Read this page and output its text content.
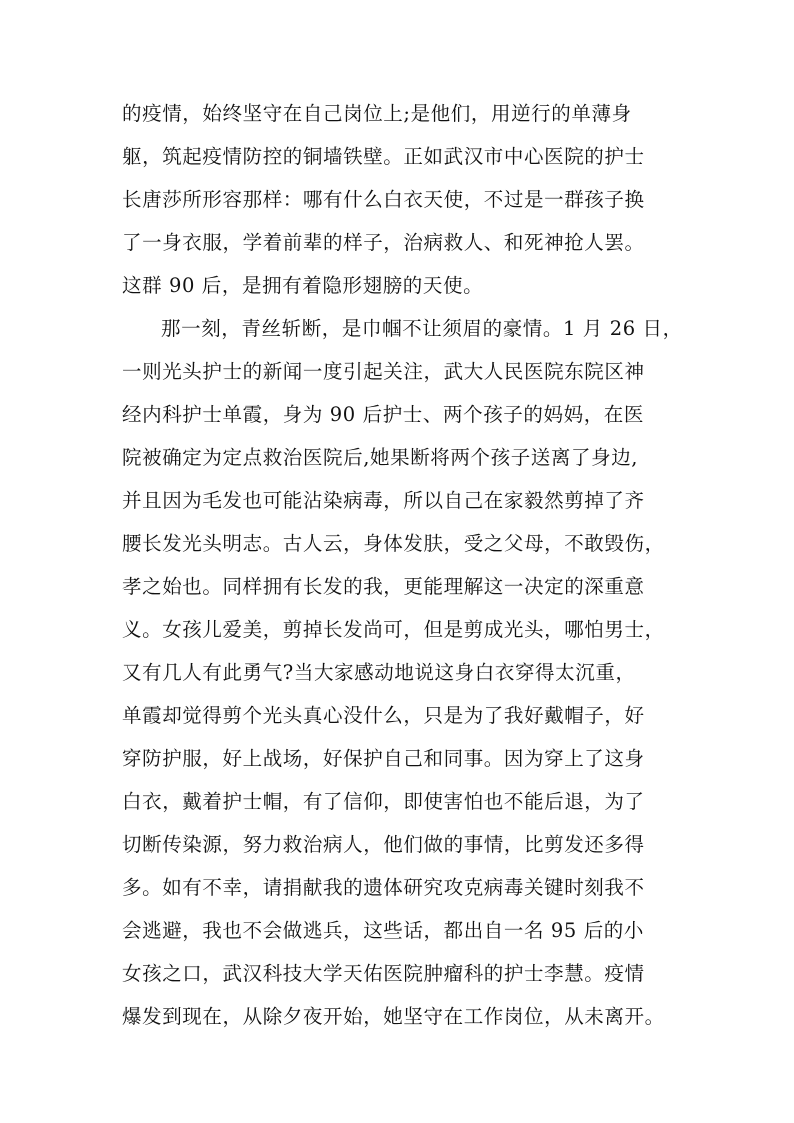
的疫情，始终坚守在自己岗位上;是他们，用逆行的单薄身
躯，筑起疫情防控的铜墙铁壁。正如武汉市中心医院的护士
长唐莎所形容那样：哪有什么白衣天使，不过是一群孩子换
了一身衣服，学着前辈的样子，治病救人、和死神抢人罢。
这群 90 后，是拥有着隐形翅膀的天使。
那一刻，青丝斩断，是巾帼不让须眉的豪情。1 月 26 日，
一则光头护士的新闻一度引起关注，武大人民医院东院区神
经内科护士单霞，身为 90 后护士、两个孩子的妈妈，在医
院被确定为定点救治医院后,她果断将两个孩子送离了身边,
并且因为毛发也可能沾染病毒，所以自己在家毅然剪掉了齐
腰长发光头明志。古人云，身体发肤，受之父母，不敢毁伤，
孝之始也。同样拥有长发的我，更能理解这一决定的深重意
义。女孩儿爱美，剪掉长发尚可，但是剪成光头，哪怕男士，
又有几人有此勇气?当大家感动地说这身白衣穿得太沉重，
单霞却觉得剪个光头真心没什么，只是为了我好戴帽子，好
穿防护服，好上战场，好保护自己和同事。因为穿上了这身
白衣，戴着护士帽，有了信仰，即使害怕也不能后退，为了
切断传染源，努力救治病人，他们做的事情，比剪发还多得
多。如有不幸，请捐献我的遗体研究攻克病毒关键时刻我不
会逃避，我也不会做逃兵，这些话，都出自一名 95 后的小
女孩之口，武汉科技大学天佑医院肿瘤科的护士李慧。疫情
爆发到现在，从除夕夜开始，她坚守在工作岗位，从未离开。
